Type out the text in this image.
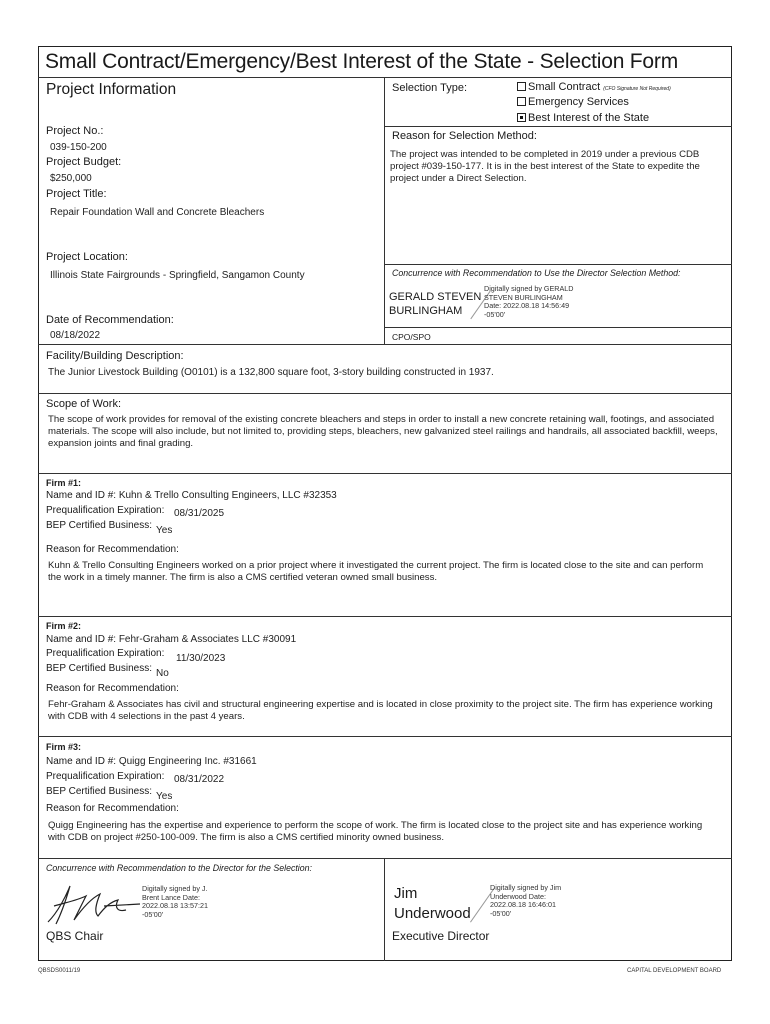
Small Contract/Emergency/Best Interest of the State - Selection Form
Project Information
Project No.:
039-150-200
Project Budget:
$250,000
Project Title:
Repair Foundation Wall and Concrete Bleachers
Project Location:
Illinois State Fairgrounds - Springfield, Sangamon County
Date of Recommendation:
08/18/2022
Selection Type:	Small Contract (CFO Signature Not Required)
Emergency Services
Best Interest of the State
Reason for Selection Method:
The project was intended to be completed in 2019 under a previous CDB project #039-150-177. It is in the best interest of the State to expedite the project under a Direct Selection.
Concurrence with Recommendation to Use the Director Selection Method:
GERALD STEVEN
BURLINGHAM
Digitally signed by GERALD STEVEN BURLINGHAM Date: 2022.08.18 14:56:49 -05'00'
CPO/SPO
Facility/Building Description:
The Junior Livestock Building (O0101) is a 132,800 square foot, 3-story building constructed in 1937.
Scope of Work:
The scope of work provides for removal of the existing concrete bleachers and steps in order to install a new concrete retaining wall, footings, and associated materials. The scope will also include, but not limited to, providing steps, bleachers, new galvanized steel railings and handrails, all associated backfill, weeps, expansion joints and final grading.
Firm #1:
Name and ID #: Kuhn & Trello Consulting Engineers, LLC #32353
Prequalification Expiration: 08/31/2025
BEP Certified Business: Yes
Reason for Recommendation:
Kuhn & Trello Consulting Engineers worked on a prior project where it investigated the current project. The firm is located close to the site and can perform the work in a timely manner. The firm is also a CMS certified veteran owned small business.
Firm #2:
Name and ID #: Fehr-Graham & Associates LLC #30091
Prequalification Expiration: 11/30/2023
BEP Certified Business: No
Reason for Recommendation:
Fehr-Graham & Associates has civil and structural engineering expertise and is located in close proximity to the project site. The firm has experience working with CDB with 4 selections in the past 4 years.
Firm #3:
Name and ID #: Quigg Engineering Inc. #31661
Prequalification Expiration: 08/31/2022
BEP Certified Business: Yes
Reason for Recommendation:
Quigg Engineering has the expertise and experience to perform the scope of work. The firm is located close to the project site and has experience working with CDB on project #250-100-009. The firm is also a CMS certified minority owned business.
Concurrence with Recommendation to the Director for the Selection:
Digitally signed by J. Brent Lance Date: 2022.08.18 13:57:21 -05'00'
QBS Chair
Jim
Underwood
Digitally signed by Jim Underwood Date: 2022.08.18 16:46:01 -05'00'
Executive Director
QBSDS0011/19	CAPITAL DEVELOPMENT BOARD
